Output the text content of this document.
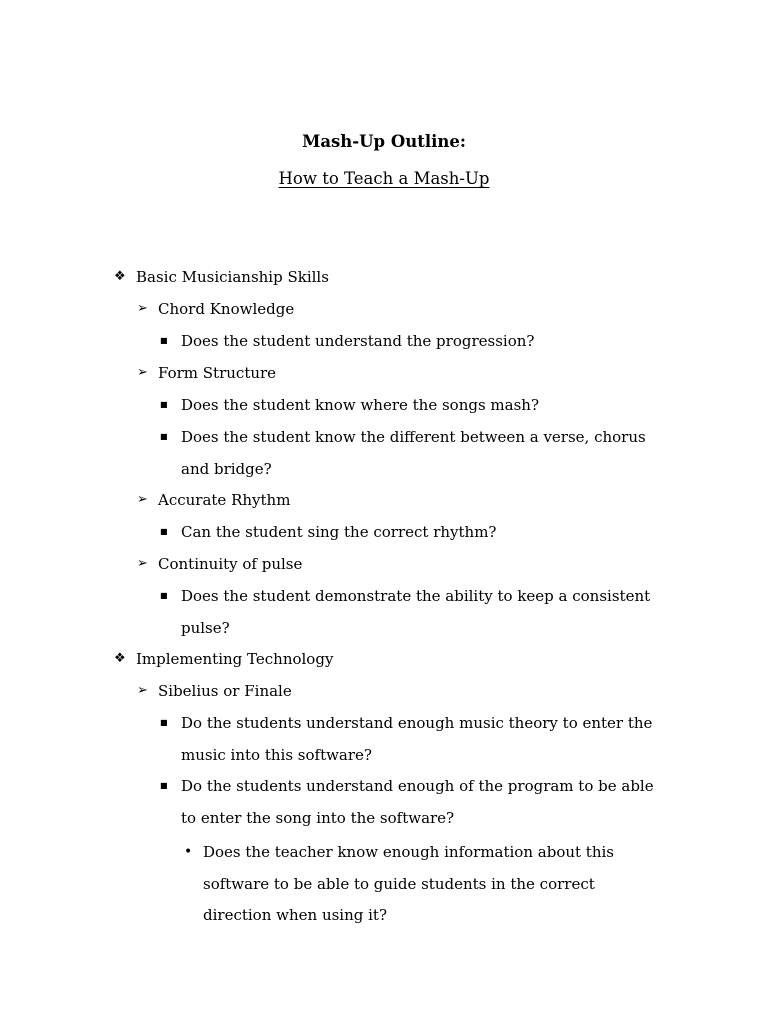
Mash-Up Outline:
How to Teach a Mash-Up
❖ Basic Musicianship Skills
➢ Chord Knowledge
■ Does the student understand the progression?
➢ Form Structure
■ Does the student know where the songs mash?
■ Does the student know the different between a verse, chorus
and bridge?
➢ Accurate Rhythm
■ Can the student sing the correct rhythm?
➢ Continuity of pulse
■ Does the student demonstrate the ability to keep a consistent
pulse?
❖ Implementing Technology
➢ Sibelius or Finale
■ Do the students understand enough music theory to enter the
music into this software?
■ Do the students understand enough of the program to be able
to enter the song into the software?
• Does the teacher know enough information about this
software to be able to guide students in the correct
direction when using it?
